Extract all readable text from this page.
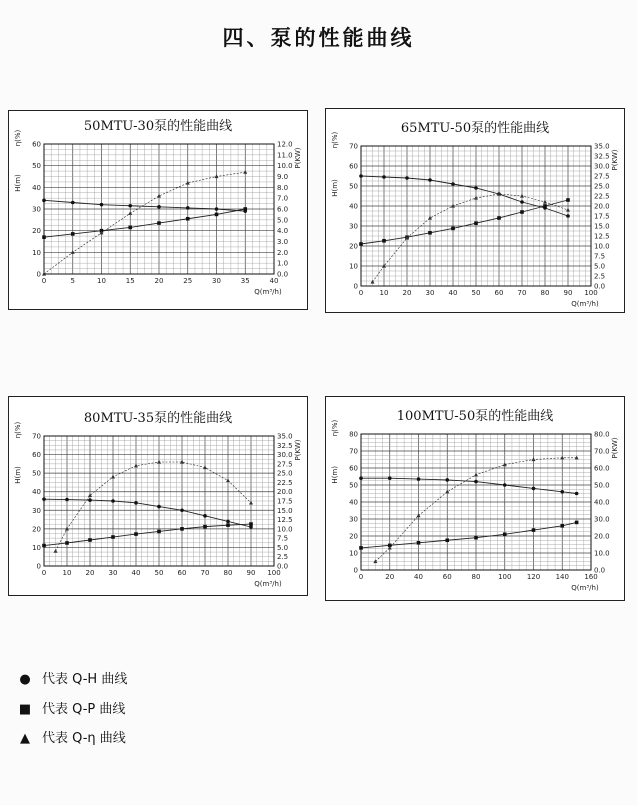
四、泵的性能曲线
50MTU-30泵的性能曲线
0	5	10	15	20	25	30	35	40
0
10
20
30
40
50
60
0.0
1.0
2.0
3.0
4.0
5.0
6.0
7.0
8.0
9.0
10.0
11.0
12.0
Q(m³/h)
H(m)
η(%)
P(KW)
65MTU-50泵的性能曲线
0 10 20 30 40 50 60 70 80 90 100
0
10
20
30
40
50
60
70
0.0
2.5
5.0
7.5
10.0
12.5
15.0
17.5
20.0
22.5
25.0
27.5
30.0
32.5
35.0
Q(m³/h)
H(m)
η(%)
P(KW)
80MTU-35泵的性能曲线
0 10 20 30 40 50 60 70 80 90 100
0
10
20
30
40
50
60
70
0.0
2.5
5.0
7.5
10.0
12.5
15.0
17.5
20.0
22.5
25.0
27.5
30.0
32.5
35.0
Q(m³/h)
H(m)
η(%)
P(KW)
100MTU-50泵的性能曲线
0	20	40	60	80	100 120 140 160
0
10
20
30
40
50
60
70
80
0.0
10.0
20.0
30.0
40.0
50.0
60.0
70.0
80.0
Q(m³/h)
H(m)
η(%)
P(KW)
● 代表 Q-H 曲线
■ 代表 Q-P 曲线
▲ 代表 Q-η 曲线
